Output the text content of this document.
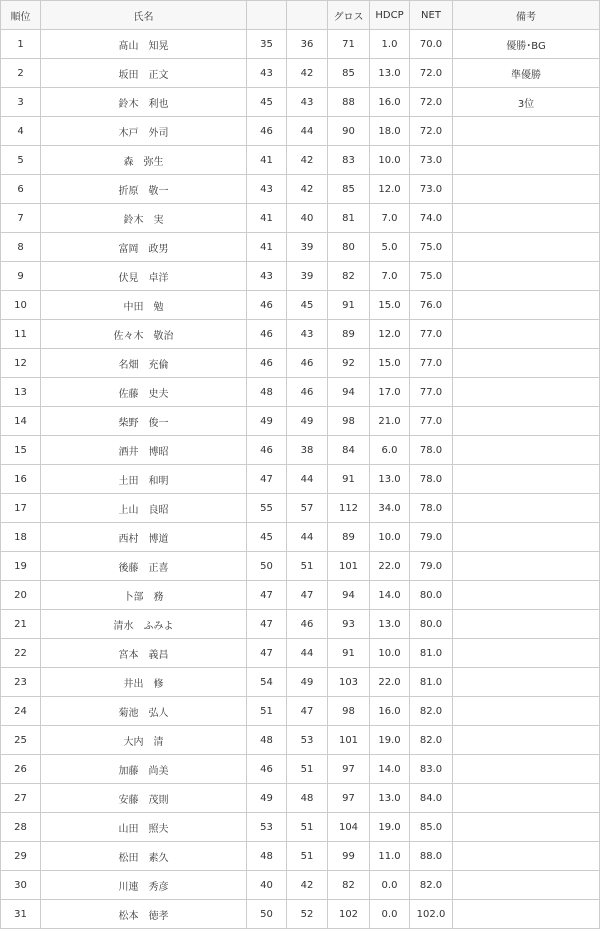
順位	氏名			グロス	HDCP	NET	備考
1	髙山　知晃	35	36	71	1.0	70.0	優勝･BG
2	坂田　正文	43	42	85	13.0	72.0	準優勝
3	鈴木　利也	45	43	88	16.0	72.0	3位
4	木戸　外司	46	44	90	18.0	72.0	
5	森　弥生	41	42	83	10.0	73.0	
6	折原　敬一	43	42	85	12.0	73.0	
7	鈴木　実	41	40	81	7.0	74.0	
8	富岡　政男	41	39	80	5.0	75.0	
9	伏見　卓洋	43	39	82	7.0	75.0	
10	中田　勉	46	45	91	15.0	76.0	
11	佐々木　敬治	46	43	89	12.0	77.0	
12	名畑　充倫	46	46	92	15.0	77.0	
13	佐藤　史夫	48	46	94	17.0	77.0	
14	柴野　俊一	49	49	98	21.0	77.0	
15	酒井　博昭	46	38	84	6.0	78.0	
16	土田　和明	47	44	91	13.0	78.0	
17	上山　良昭	55	57	112	34.0	78.0	
18	西村　博道	45	44	89	10.0	79.0	
19	後藤　正喜	50	51	101	22.0	79.0	
20	卜部　務	47	47	94	14.0	80.0	
21	清水　ふみよ	47	46	93	13.0	80.0	
22	宮本　義昌	47	44	91	10.0	81.0	
23	井出　修	54	49	103	22.0	81.0	
24	菊池　弘人	51	47	98	16.0	82.0	
25	大内　清	48	53	101	19.0	82.0	
26	加藤　尚美	46	51	97	14.0	83.0	
27	安藤　茂則	49	48	97	13.0	84.0	
28	山田　照夫	53	51	104	19.0	85.0	
29	松田　素久	48	51	99	11.0	88.0	
30	川連　秀彦	40	42	82	0.0	82.0	
31	松本　徳孝	50	52	102	0.0	102.0	
